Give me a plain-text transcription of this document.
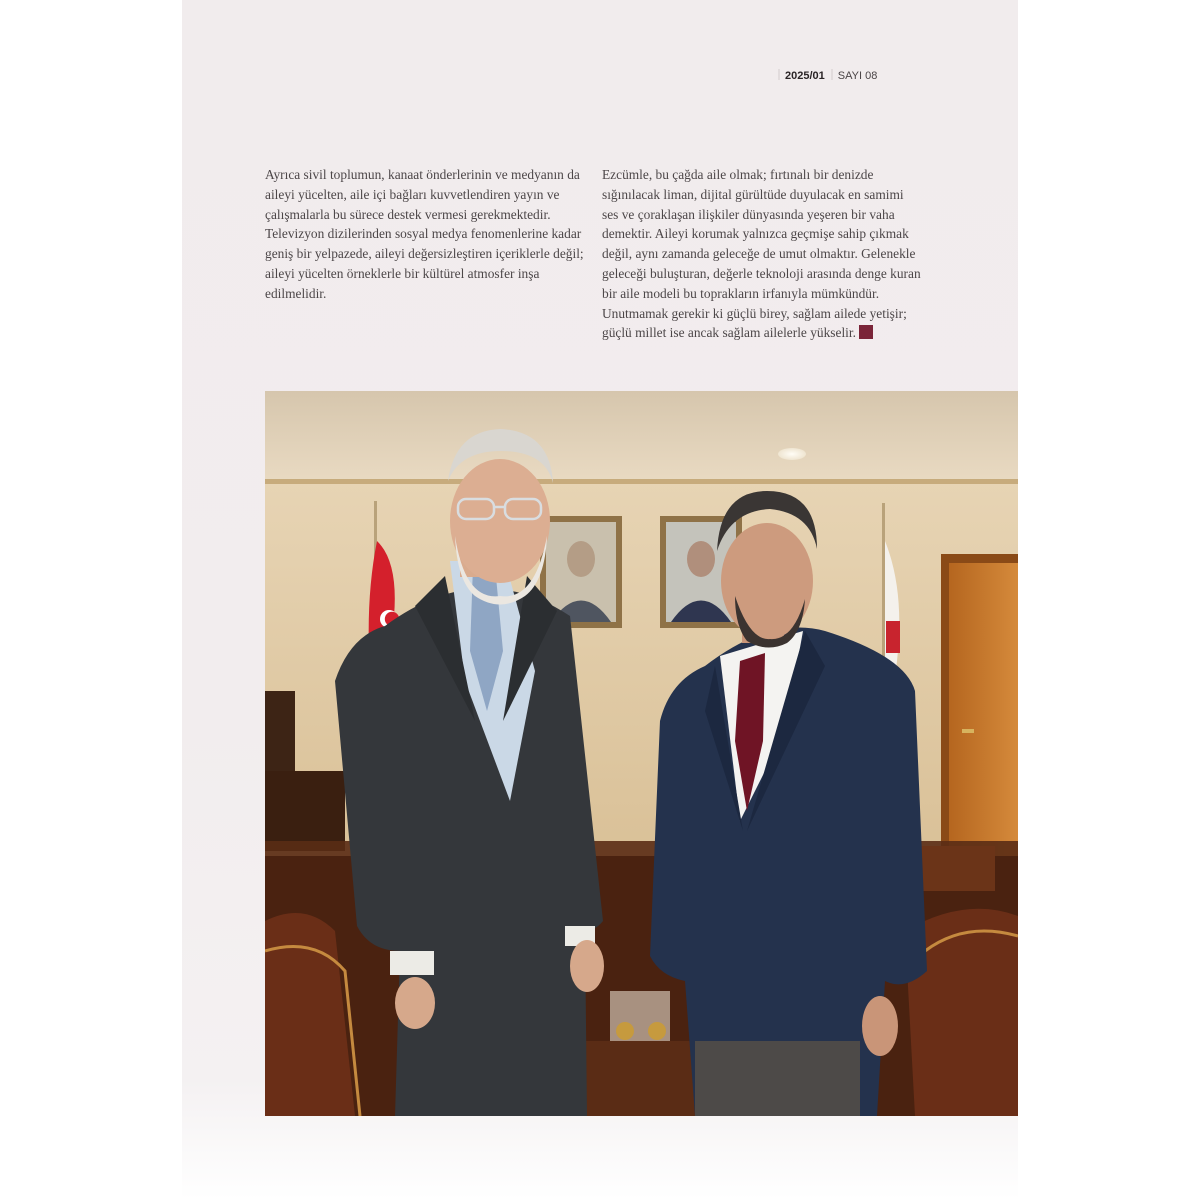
2025/01 SAYI 08

Ayrıca sivil toplumun, kanaat önderlerinin ve medyanın da aileyi yücelten, aile içi bağları kuvvetlendiren yayın ve çalışmalarla bu sürece destek vermesi gerekmektedir. Televizyon dizilerinden sosyal medya fenomenlerine kadar geniş bir yelpazede, aileyi değersizleştiren içeriklerle değil; aileyi yücelten örneklerle bir kültürel atmosfer inşa edilmelidir.

Ezcümle, bu çağda aile olmak; fırtınalı bir denizde sığınılacak liman, dijital gürültüde duyulacak en samimi ses ve çoraklaşan ilişkiler dünyasında yeşeren bir vaha demektir. Aileyi korumak yalnızca geçmişe sahip çıkmak değil, aynı zamanda geleceğe de umut olmaktır. Gelenekle geleceği buluşturan, değerle teknoloji arasında denge kuran bir aile modeli bu toprakların irfanıyla mümkündür. Unutmamak gerekir ki güçlü birey, sağlam ailede yetişir; güçlü millet ise ancak sağlam ailelerle yükselir.
